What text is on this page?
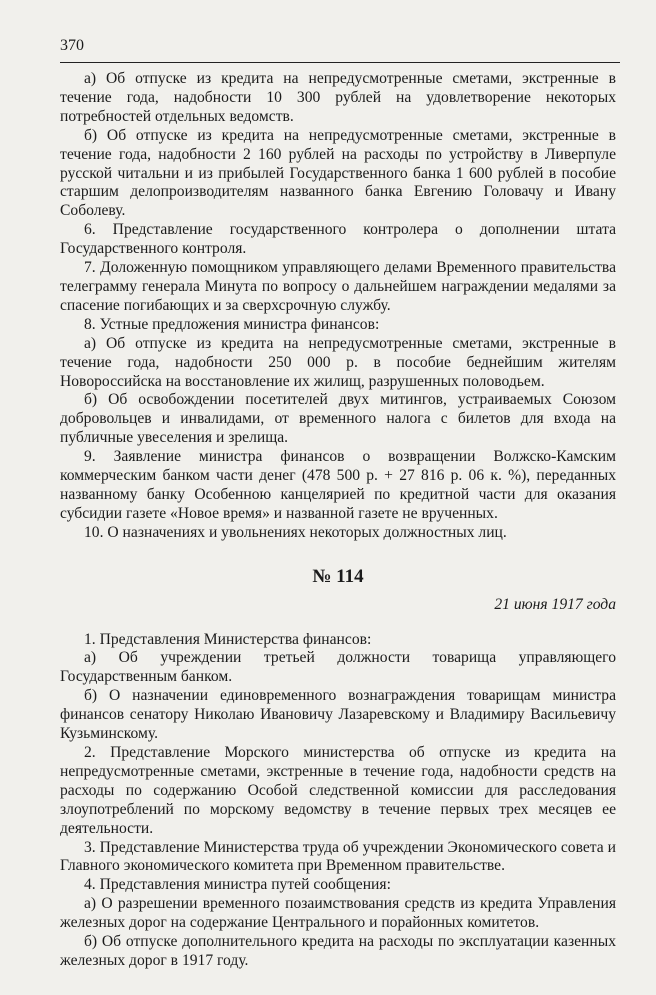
370

а) Об отпуске из кредита на непредусмотренные сметами, экстренные в течение года, надобности 10 300 рублей на удовлетворение некоторых потребностей отдельных ведомств.

б) Об отпуске из кредита на непредусмотренные сметами, экстренные в течение года, надобности 2 160 рублей на расходы по устройству в Ливерпуле русской читальни и из прибылей Государственного банка 1 600 рублей в пособие старшим делопроизводителям названного банка Евгению Головачу и Ивану Соболеву.

6. Представление государственного контролера о дополнении штата Государственного контроля.

7. Доложенную помощником управляющего делами Временного правительства телеграмму генерала Минута по вопросу о дальнейшем награждении медалями за спасение погибающих и за сверхсрочную службу.

8. Устные предложения министра финансов:

а) Об отпуске из кредита на непредусмотренные сметами, экстренные в течение года, надобности 250 000 р. в пособие беднейшим жителям Новороссийска на восстановление их жилищ, разрушенных половодьем.

б) Об освобождении посетителей двух митингов, устраиваемых Союзом добровольцев и инвалидами, от временного налога с билетов для входа на публичные увеселения и зрелища.

9. Заявление министра финансов о возвращении Волжско-Камским коммерческим банком части денег (478 500 р. + 27 816 р. 06 к. %), переданных названному банку Особенною канцелярией по кредитной части для оказания субсидии газете «Новое время» и названной газете не врученных.

10. О назначениях и увольнениях некоторых должностных лиц.

№ 114
21 июня 1917 года

1. Представления Министерства финансов:

а) Об учреждении третьей должности товарища управляющего Государственным банком.

б) О назначении единовременного вознаграждения товарищам министра финансов сенатору Николаю Ивановичу Лазаревскому и Владимиру Васильевичу Кузьминскому.

2. Представление Морского министерства об отпуске из кредита на непредусмотренные сметами, экстренные в течение года, надобности средств на расходы по содержанию Особой следственной комиссии для расследования злоупотреблений по морскому ведомству в течение первых трех месяцев ее деятельности.

3. Представление Министерства труда об учреждении Экономического совета и Главного экономического комитета при Временном правительстве.

4. Представления министра путей сообщения:

а) О разрешении временного позаимствования средств из кредита Управления железных дорог на содержание Центрального и порайонных комитетов.

б) Об отпуске дополнительного кредита на расходы по эксплуатации казенных железных дорог в 1917 году.
